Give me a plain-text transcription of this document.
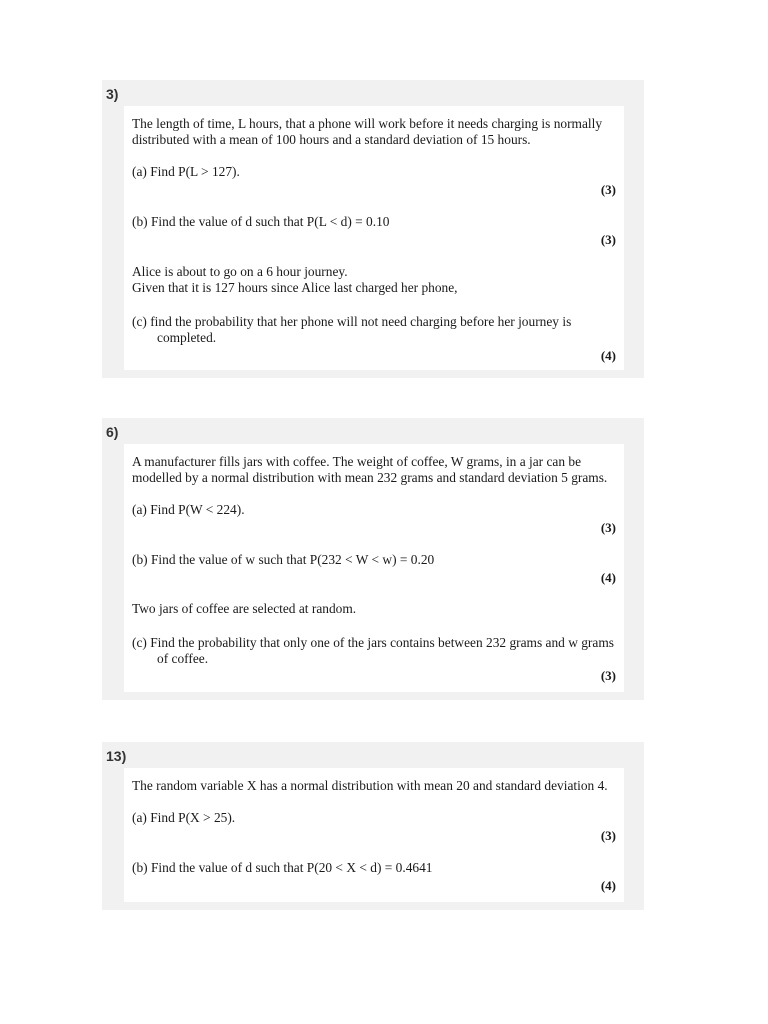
3)
The length of time, L hours, that a phone will work before it needs charging is normally
distributed with a mean of 100 hours and a standard deviation of 15 hours.
(a) Find P(L > 127).
(3)
(b) Find the value of d such that P(L < d) = 0.10
(3)
Alice is about to go on a 6 hour journey.
Given that it is 127 hours since Alice last charged her phone,
(c) find the probability that her phone will not need charging before her journey is
completed.
(4)
6)
A manufacturer fills jars with coffee. The weight of coffee, W grams, in a jar can be
modelled by a normal distribution with mean 232 grams and standard deviation 5 grams.
(a) Find P(W < 224).
(3)
(b) Find the value of w such that P(232 < W < w) = 0.20
(4)
Two jars of coffee are selected at random.
(c) Find the probability that only one of the jars contains between 232 grams and w grams
of coffee.
(3)
13)
The random variable X has a normal distribution with mean 20 and standard deviation 4.
(a) Find P(X > 25).
(3)
(b) Find the value of d such that P(20 < X < d) = 0.4641
(4)
